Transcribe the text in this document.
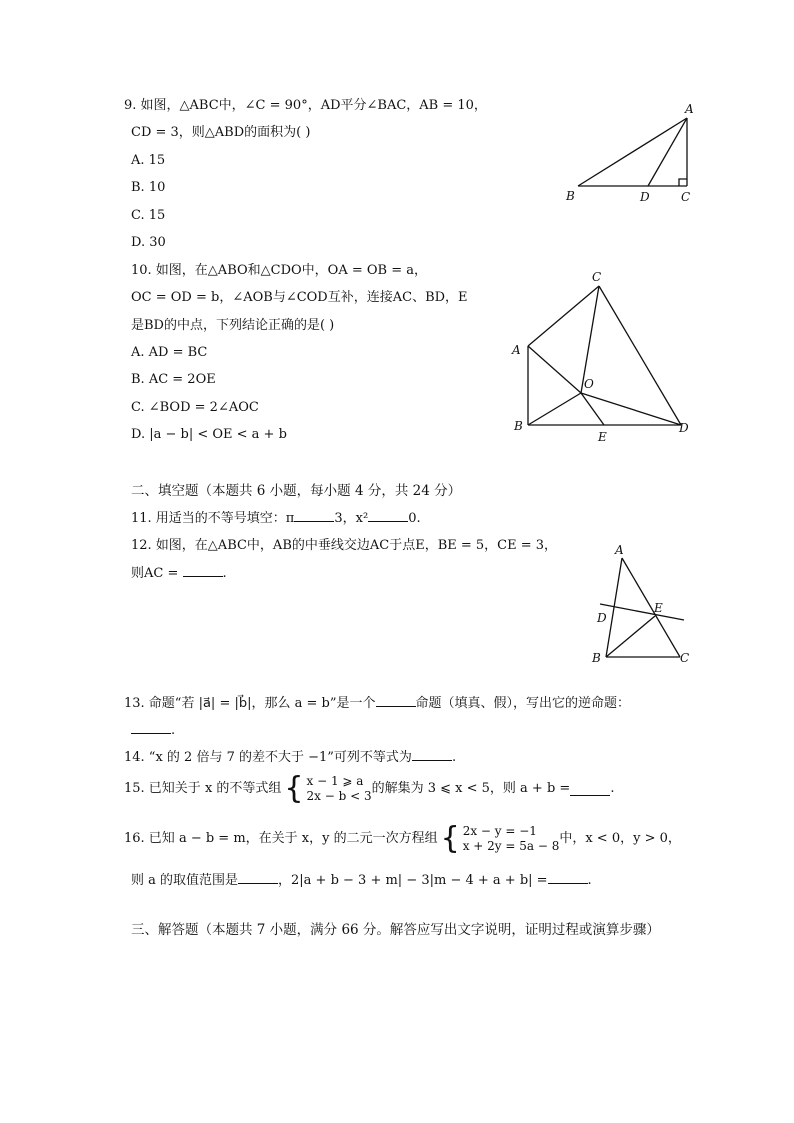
9. 如图，△ABC中，∠C = 90°，AD平分∠BAC，AB = 10，
CD = 3，则△ABD的面积为( )
A. 15
B. 10
C. 15
D. 30
A
B	D	C
10. 如图，在△ABO和△CDO中，OA = OB = a，
OC = OD = b，∠AOB与∠COD互补，连接AC、BD，E
是BD的中点，下列结论正确的是( )
A. AD = BC
B. AC = 2OE
C. ∠BOD = 2∠AOC
D. |a − b| < OE < a + b
C
A
O
B
E
D
二、填空题（本题共 6 小题，每小题 4 分，共 24 分）
11. 用适当的不等号填空：π	3，x²	0.
12. 如图，在△ABC中，AB的中垂线交边AC于点E，BE = 5，CE = 3，
则AC =	.
A
D
E
B	C
13. 命题“若 |a⃗| = |b⃗|，那么 a = b”是一个	命题（填真、假），写出它的逆命题：
.
14. “x 的 2 倍与 7 的差不大于 −1”可列不等式为	.
15. 已知关于 x 的不等式组 { x − 1 ⩾ a
2x − b < 3 的解集为 3 ⩽ x < 5，则 a + b =	.
16. 已知 a − b = m，在关于 x，y 的二元一次方程组 { 2x − y = −1
x + 2y = 5a − 8 中，x < 0，y > 0，
则 a 的取值范围是	，2|a + b − 3 + m| − 3|m − 4 + a + b| =	.
三、解答题（本题共 7 小题，满分 66 分。解答应写出文字说明，证明过程或演算步骤）
